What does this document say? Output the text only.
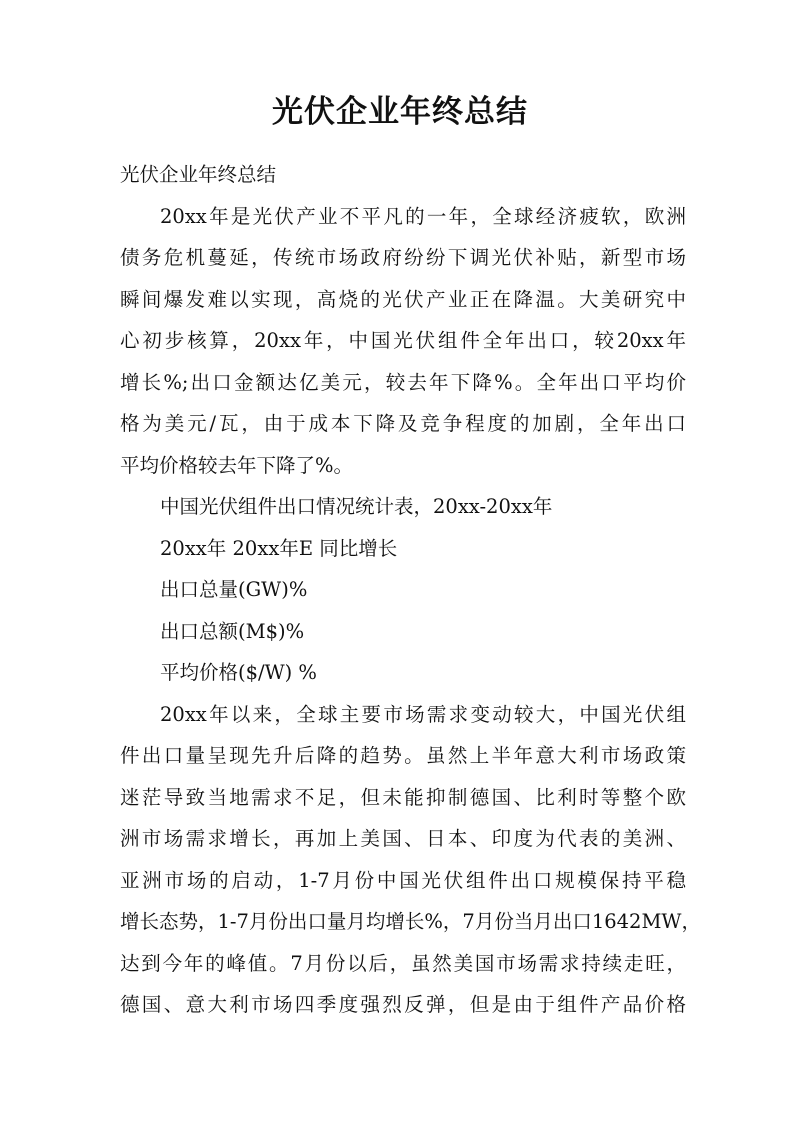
光伏企业年终总结
光伏企业年终总结
20xx年是光伏产业不平凡的一年，全球经济疲软，欧洲
债务危机蔓延，传统市场政府纷纷下调光伏补贴，新型市场
瞬间爆发难以实现，高烧的光伏产业正在降温。大美研究中
心初步核算，20xx年，中国光伏组件全年出口，较20xx年
增长%;出口金额达亿美元，较去年下降%。全年出口平均价
格为美元/瓦，由于成本下降及竞争程度的加剧，全年出口
平均价格较去年下降了%。
中国光伏组件出口情况统计表，20xx-20xx年
20xx年 20xx年E 同比增长
出口总量(GW)%
出口总额(M$)%
平均价格($/W) %
20xx年以来，全球主要市场需求变动较大，中国光伏组
件出口量呈现先升后降的趋势。虽然上半年意大利市场政策
迷茫导致当地需求不足，但未能抑制德国、比利时等整个欧
洲市场需求增长，再加上美国、日本、印度为代表的美洲、
亚洲市场的启动，1-7月份中国光伏组件出口规模保持平稳
增长态势，1-7月份出口量月均增长%，7月份当月出口1642MW，
达到今年的峰值。7月份以后，虽然美国市场需求持续走旺，
德国、意大利市场四季度强烈反弹，但是由于组件产品价格
